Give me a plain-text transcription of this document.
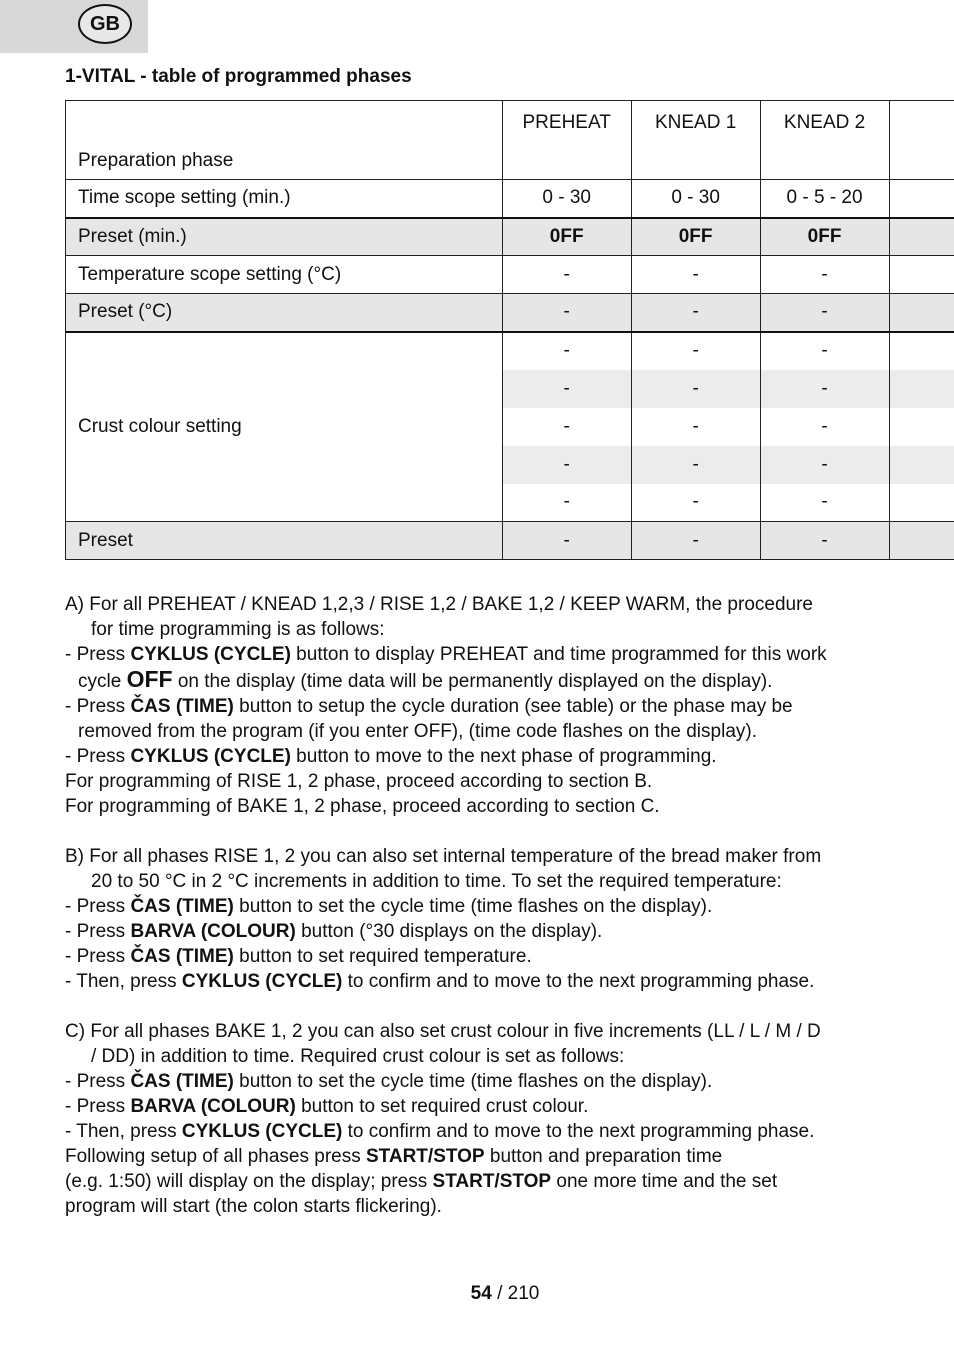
GB
1-VITAL - table of programmed phases
Preparation phase	PREHEAT	KNEAD 1	KNEAD 2	
Time scope setting (min.)	0 - 30	0 - 30	0 - 5 - 20	
Preset (min.)	0FF	0FF	0FF	
Temperature scope setting (°C)	-	-	-	
Preset (°C)	-	-	-	
Crust colour setting	-	-	-	
	-	-	-	
	-	-	-	
	-	-	-	
	-	-	-	
Preset	-	-	-	

A) For all PREHEAT / KNEAD 1,2,3 / RISE 1,2 / BAKE 1,2 / KEEP WARM, the procedure

for time programming is as follows:

- Press CYKLUS (CYCLE) button to display PREHEAT and time programmed for this work

cycle OFF on the display (time data will be permanently displayed on the display).

- Press ČAS (TIME) button to setup the cycle duration (see table) or the phase may be

removed from the program (if you enter OFF), (time code flashes on the display).

- Press CYKLUS (CYCLE) button to move to the next phase of programming.

For programming of RISE 1, 2 phase, proceed according to section B.

For programming of BAKE 1, 2 phase, proceed according to section C.

B) For all phases RISE 1, 2 you can also set internal temperature of the bread maker from

20 to 50 °C in 2 °C increments in addition to time. To set the required temperature:

- Press ČAS (TIME) button to set the cycle time (time flashes on the display).

- Press BARVA (COLOUR) button (°30 displays on the display).

- Press ČAS (TIME) button to set required temperature.

- Then, press CYKLUS (CYCLE) to confirm and to move to the next programming phase.

C) For all phases BAKE 1, 2 you can also set crust colour in five increments (LL / L / M / D

/ DD) in addition to time. Required crust colour is set as follows:

- Press ČAS (TIME) button to set the cycle time (time flashes on the display).

- Press BARVA (COLOUR) button to set required crust colour.

- Then, press CYKLUS (CYCLE) to confirm and to move to the next programming phase.

Following setup of all phases press START/STOP button and preparation time

(e.g. 1:50) will display on the display; press START/STOP one more time and the set

program will start (the colon starts flickering).

54 / 210
